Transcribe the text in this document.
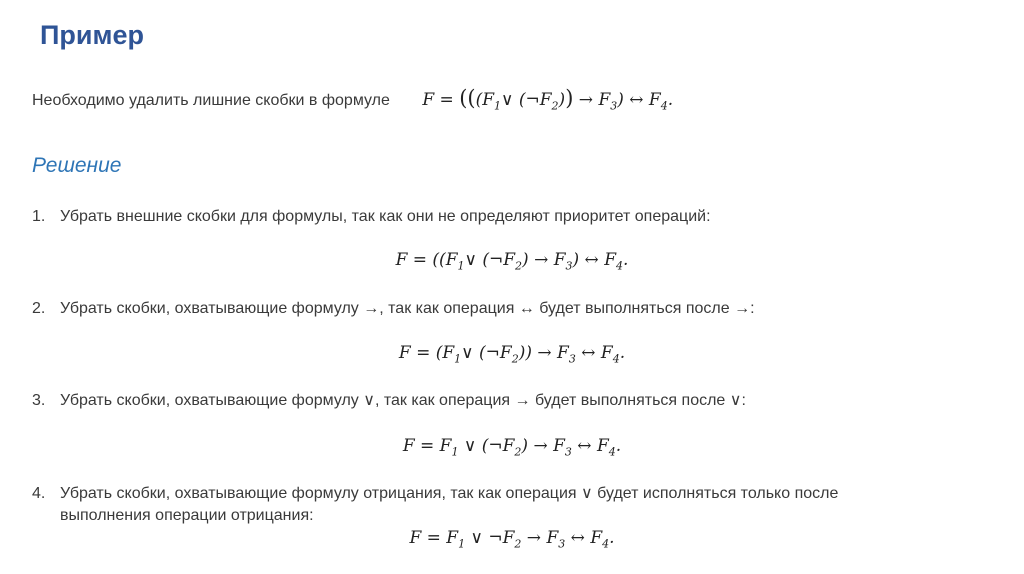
Пример
Необходимо удалить лишние скобки в формуле $F = (((F_1\vee$ $(\neg F_2)) \to F_3$) ↔ $F_4$.
Решение
1. Убрать внешние скобки для формулы, так как они не определяют приоритет операций:
$F = ((F_1\vee$ $(\neg F_2) \to F_3$) ↔ $F_4$.
2. Убрать скобки, охватывающие формулу →, так как операция ↔ будет выполняться после →:
$F = (F_1\vee$ $(\neg F_2)) \to F_3$ ↔ $F_4$.
3. Убрать скобки, охватывающие формулу ∨, так как операция → будет выполняться после ∨:
$F = F_1$ ∨ $(\neg F_2) \to F_3$ ↔ $F_4$.
4. Убрать скобки, охватывающие формулу отрицания, так как операция ∨ будет исполняться только после
выполнения операции отрицания:
$F = F_1$ ∨ $\neg F_2 \to F_3$ ↔ $F_4$.
